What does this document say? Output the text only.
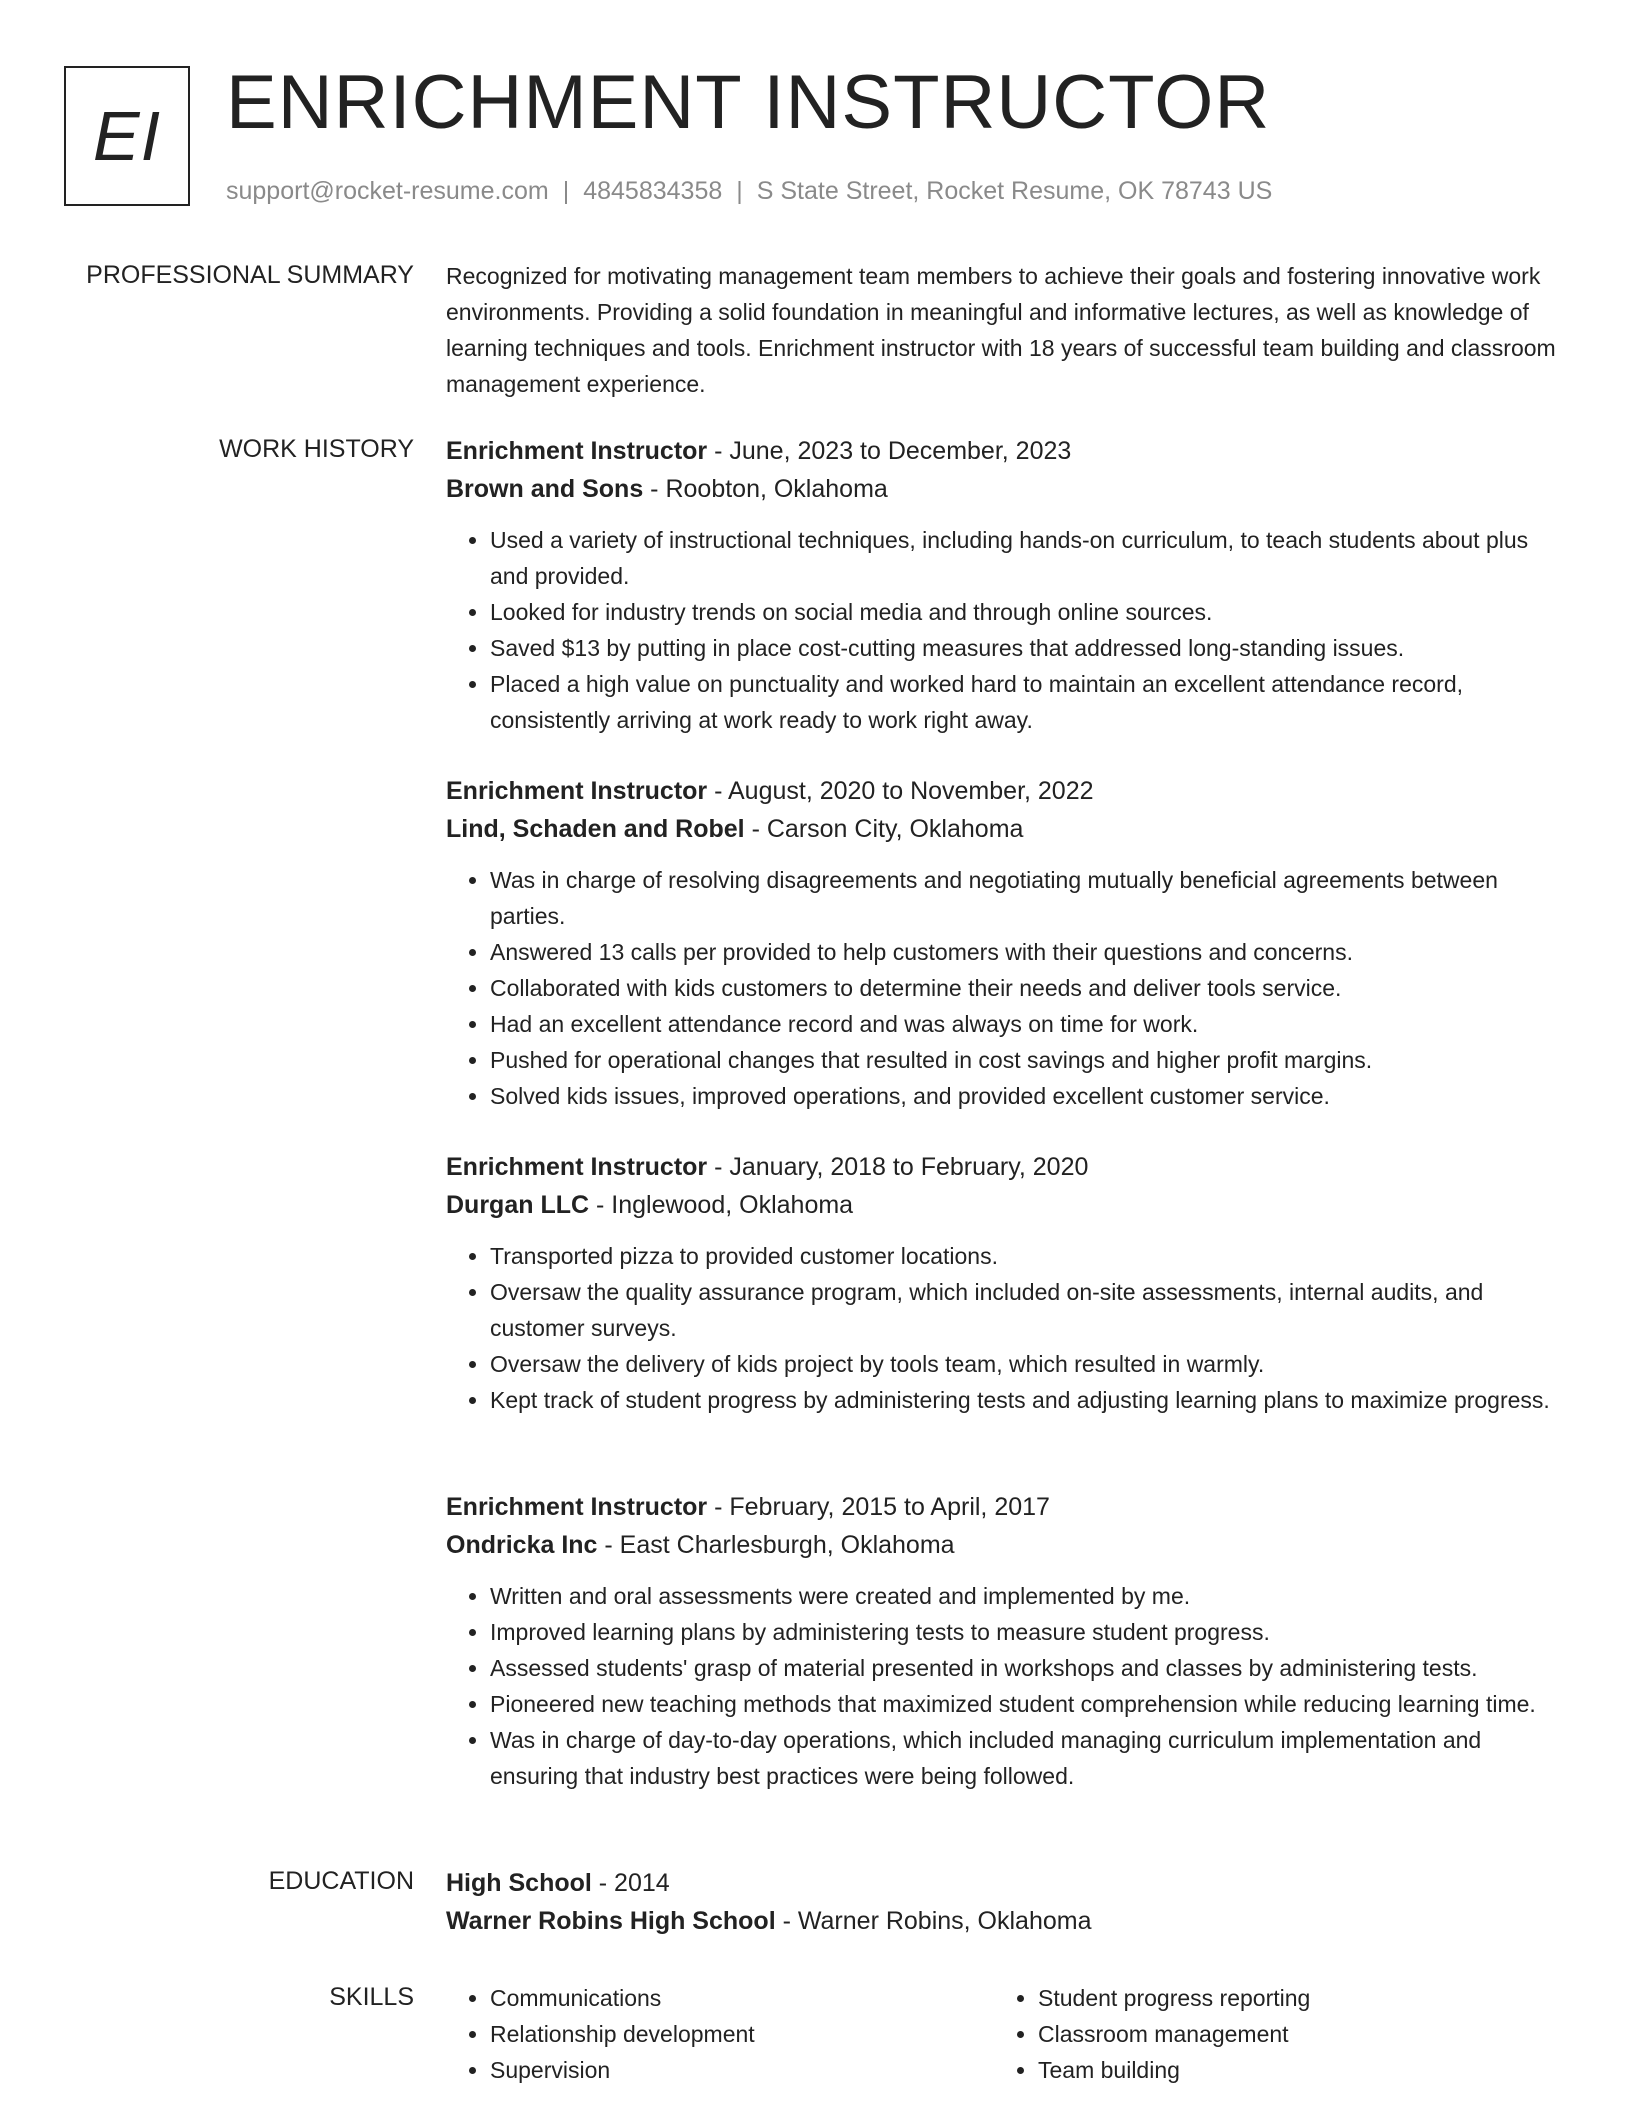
EI ENRICHMENT INSTRUCTOR
support@rocket-resume.com | 4845834358 | S State Street, Rocket Resume, OK 78743 US
PROFESSIONAL SUMMARY Recognized for motivating management team members to achieve their goals and fostering innovative work environments. Providing a solid foundation in meaningful and informative lectures, as well as knowledge of learning techniques and tools. Enrichment instructor with 18 years of successful team building and classroom management experience.
WORK HISTORY Enrichment Instructor - June, 2023 to December, 2023
Brown and Sons - Roobton, Oklahoma
• Used a variety of instructional techniques, including hands-on curriculum, to teach students about plus and provided.
• Looked for industry trends on social media and through online sources.
• Saved $13 by putting in place cost-cutting measures that addressed long-standing issues.
• Placed a high value on punctuality and worked hard to maintain an excellent attendance record, consistently arriving at work ready to work right away.
Enrichment Instructor - August, 2020 to November, 2022
Lind, Schaden and Robel - Carson City, Oklahoma
• Was in charge of resolving disagreements and negotiating mutually beneficial agreements between parties.
• Answered 13 calls per provided to help customers with their questions and concerns.
• Collaborated with kids customers to determine their needs and deliver tools service.
• Had an excellent attendance record and was always on time for work.
• Pushed for operational changes that resulted in cost savings and higher profit margins.
• Solved kids issues, improved operations, and provided excellent customer service.
Enrichment Instructor - January, 2018 to February, 2020
Durgan LLC - Inglewood, Oklahoma
• Transported pizza to provided customer locations.
• Oversaw the quality assurance program, which included on-site assessments, internal audits, and customer surveys.
• Oversaw the delivery of kids project by tools team, which resulted in warmly.
• Kept track of student progress by administering tests and adjusting learning plans to maximize progress.
Enrichment Instructor - February, 2015 to April, 2017
Ondricka Inc - East Charlesburgh, Oklahoma
• Written and oral assessments were created and implemented by me.
• Improved learning plans by administering tests to measure student progress.
• Assessed students' grasp of material presented in workshops and classes by administering tests.
• Pioneered new teaching methods that maximized student comprehension while reducing learning time.
• Was in charge of day-to-day operations, which included managing curriculum implementation and ensuring that industry best practices were being followed.
EDUCATION High School - 2014
Warner Robins High School - Warner Robins, Oklahoma
SKILLS
•	Communications
• Relationship development
• Supervision
• Student progress reporting
• Classroom management
• Team building
